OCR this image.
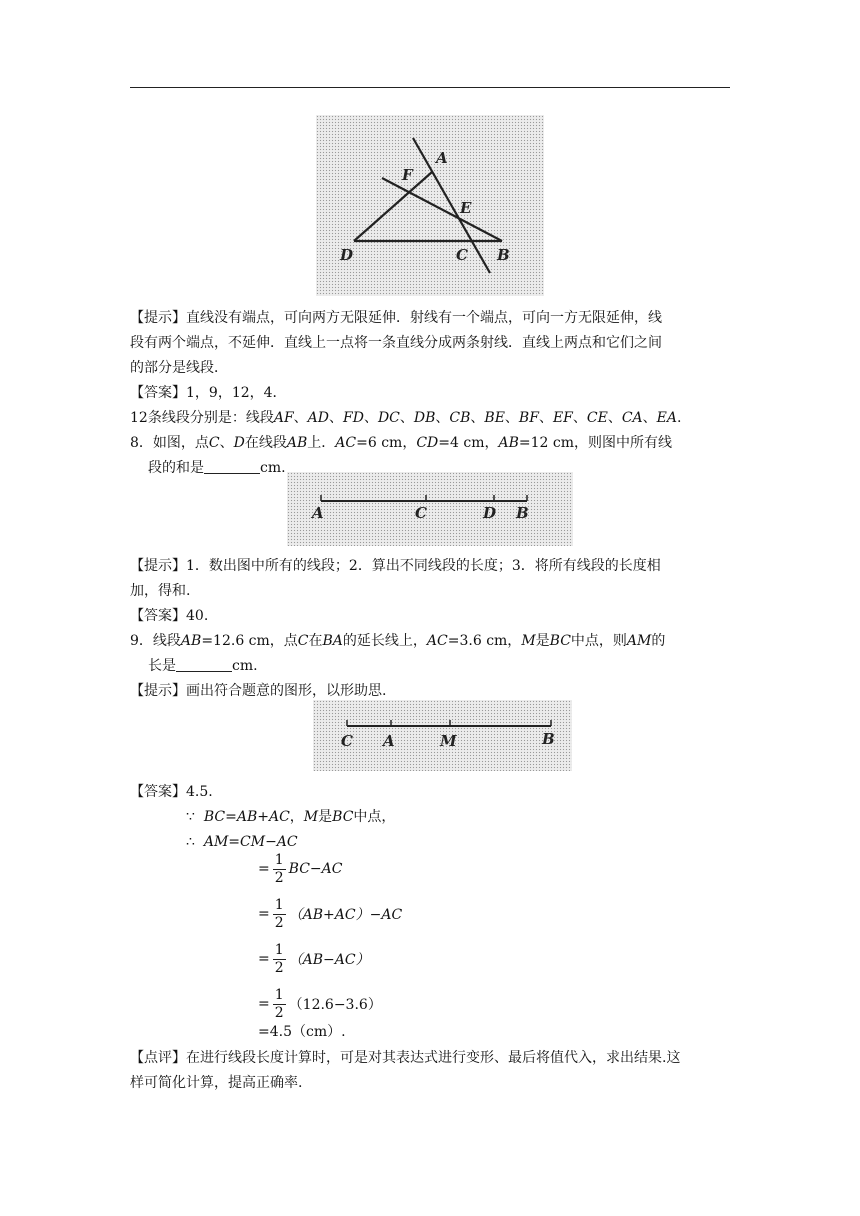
A
F
E
D	C B
【提示】直线没有端点，可向两方无限延伸．射线有一个端点，可向一方无限延伸，线
段有两个端点，不延伸．直线上一点将一条直线分成两条射线．直线上两点和它们之间
的部分是线段．
【答案】1，9，12，4．
12条线段分别是：线段AF、AD、FD、DC、DB、CB、BE、BF、EF、CE、CA、EA.
8．如图，点C、D在线段AB上．AC=6 cm，CD=4 cm，AB=12 cm，则图中所有线
段的和是	cm.
A	C	D B
【提示】1．数出图中所有的线段；2．算出不同线段的长度；3．将所有线段的长度相
加，得和.
【答案】40.
9．线段AB=12.6 cm，点C在BA的延长线上，AC=3.6 cm，M是BC中点，则AM的
长是	cm.
【提示】画出符合题意的图形，以形助思.
C A	M	B
【答案】4.5.
∵ BC=AB+AC，M是BC中点，
∴ AM=CM−AC
= $\frac{1}{2} BC-AC$
= $\frac{1}{2} (AB+AC)-AC$
= $\frac{1}{2} (AB-AC)$
= $\frac{1}{2} (12.6-3.6)$
=4.5（cm）.
【点评】在进行线段长度计算时，可是对其表达式进行变形、最后将值代入，求出结果.这
样可简化计算，提高正确率.
